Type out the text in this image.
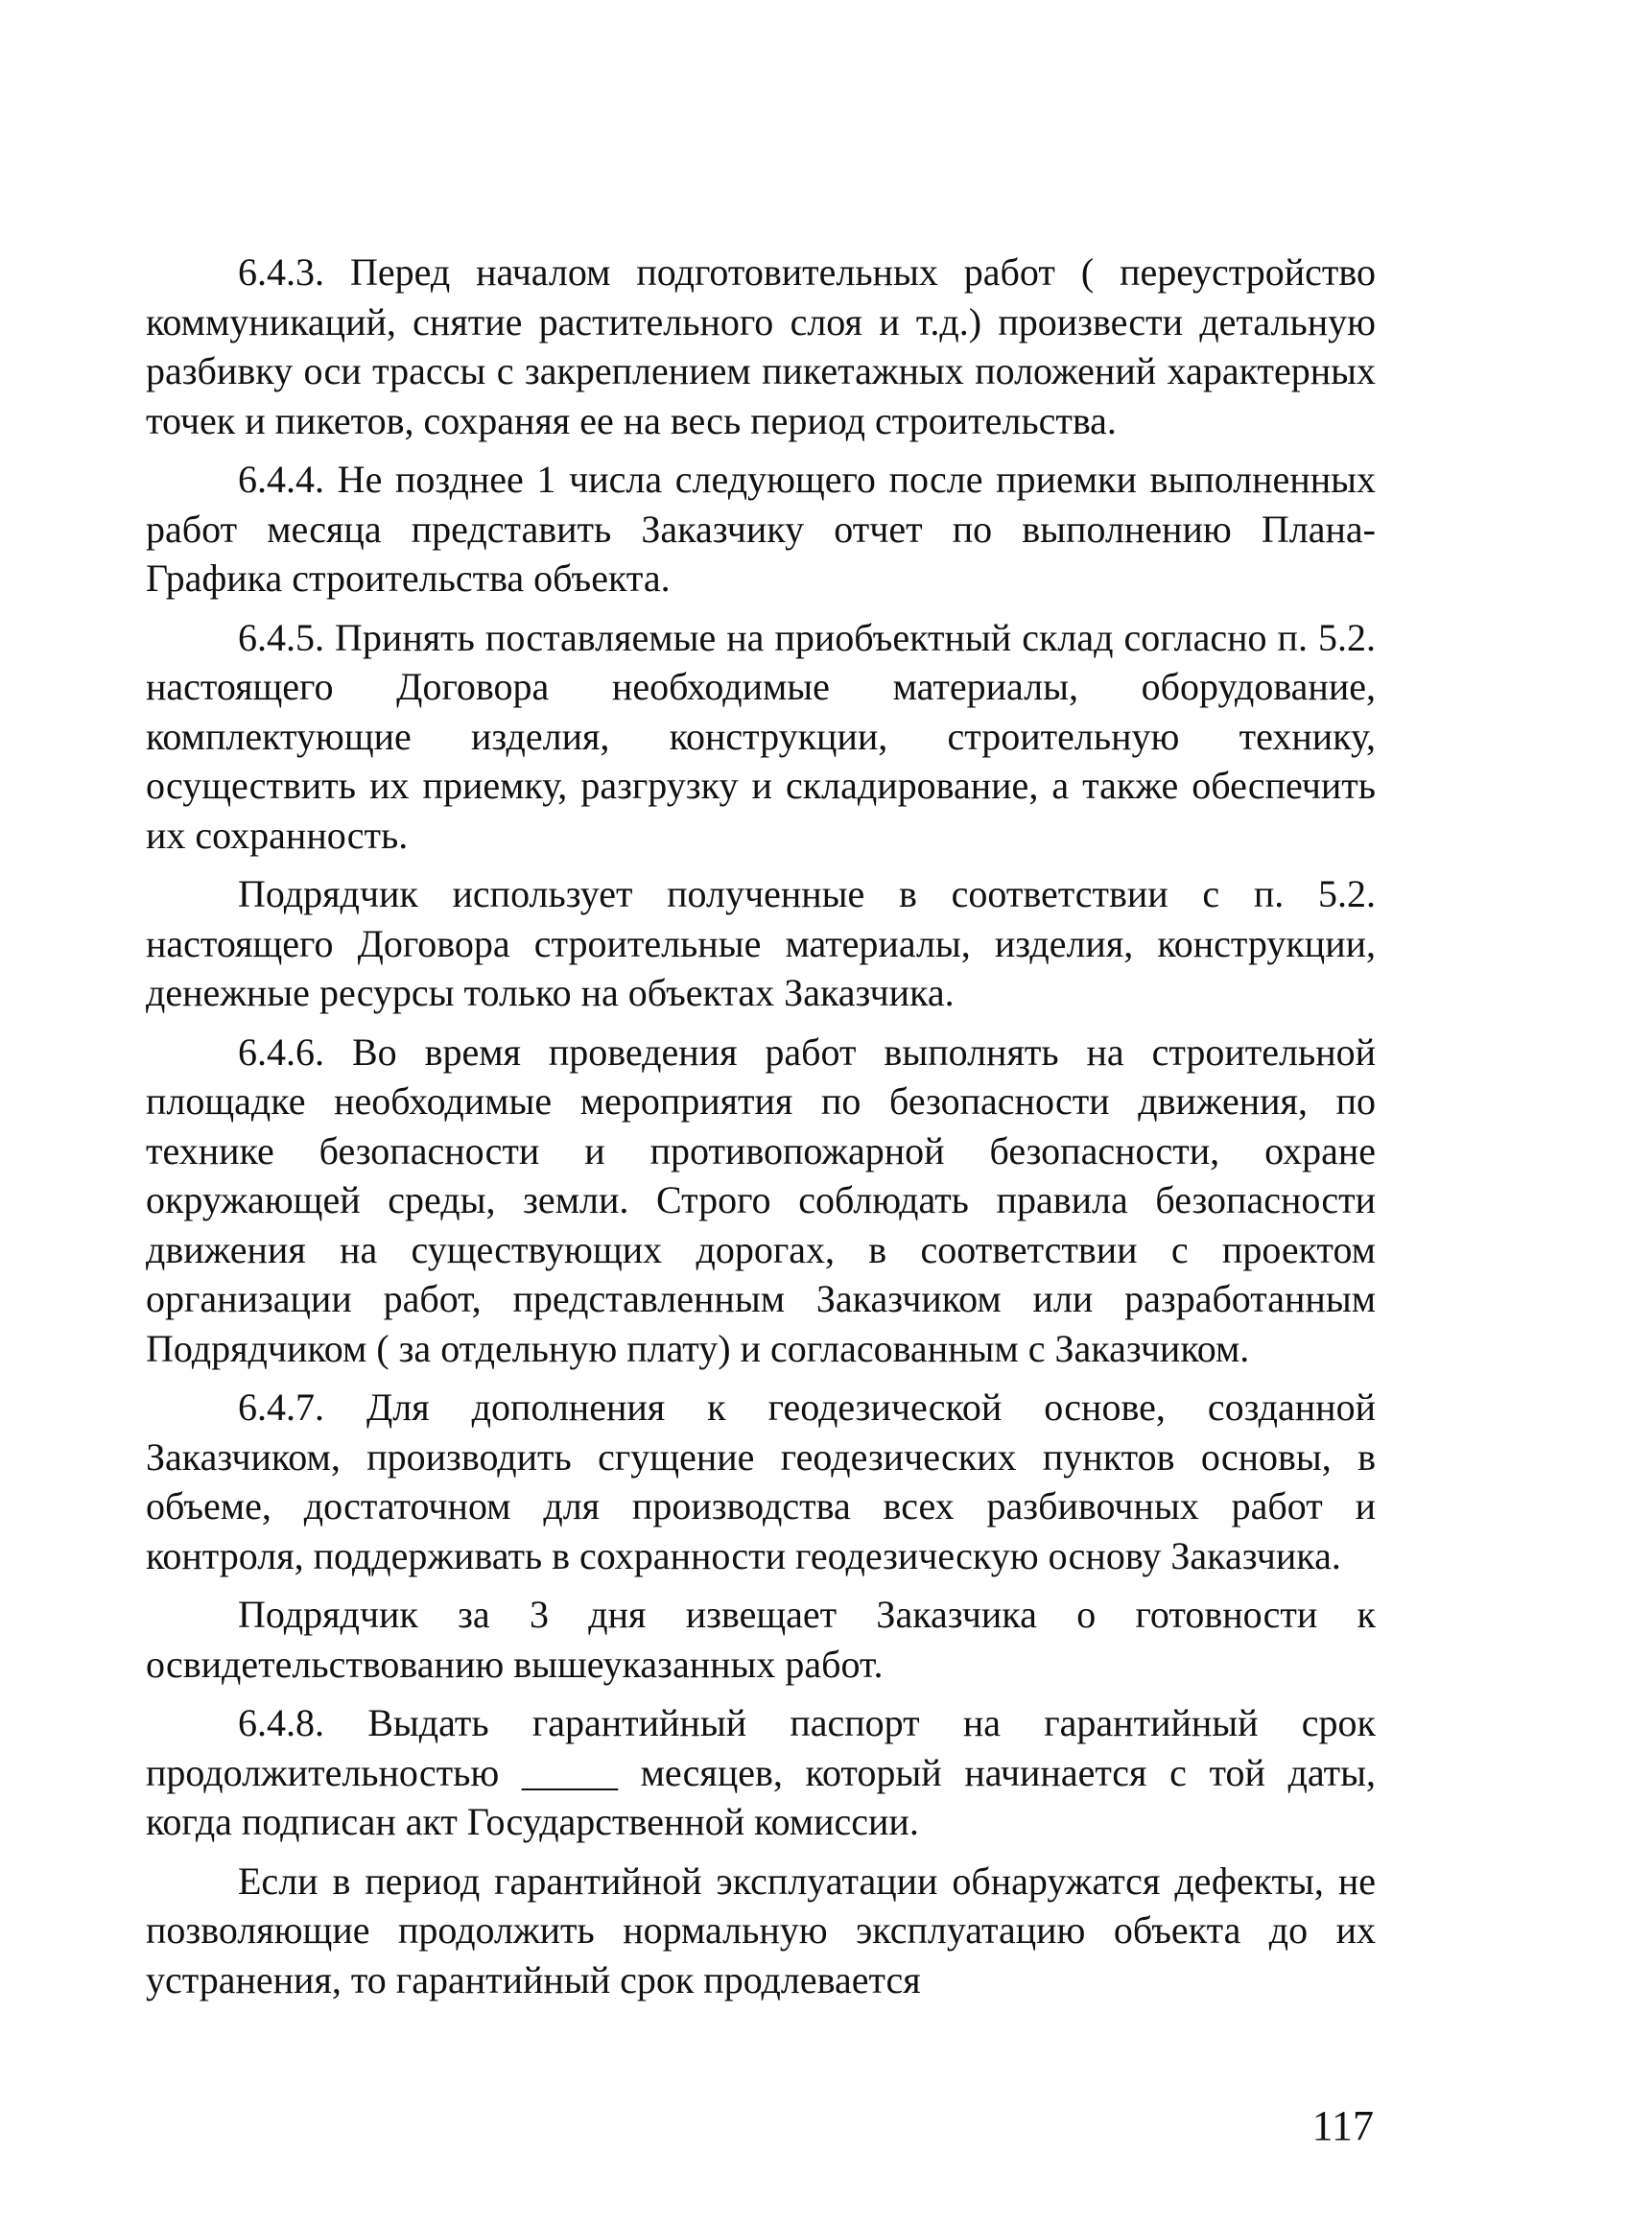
6.4.3. Перед началом подготовительных работ ( переустройство коммуникаций, снятие растительного слоя и т.д.) произвести детальную разбивку оси трассы с закреплением пикетажных положений характерных точек и пикетов, сохраняя ее на весь период строительства.

6.4.4. Не позднее 1 числа следующего после приемки выполненных работ месяца представить Заказчику отчет по выполнению Плана- Графика строительства объекта.

6.4.5. Принять поставляемые на приобъектный склад согласно п. 5.2. настоящего Договора необходимые материалы, оборудование, комплектующие изделия, конструкции, строительную технику, осуществить их приемку, разгрузку и складирование, а также обеспечить их сохранность.

Подрядчик использует полученные в соответствии с п. 5.2. настоящего Договора строительные материалы, изделия, конструкции, денежные ресурсы только на объектах Заказчика.

6.4.6. Во время проведения работ выполнять на строительной площадке необходимые мероприятия по безопасности движения, по технике безопасности и противопожарной безопасности, охране окружающей среды, земли. Строго соблюдать правила безопасности движения на существующих дорогах, в соответствии с проектом организации работ, представленным Заказчиком или разработанным Подрядчиком ( за отдельную плату) и согласованным с Заказчиком.

6.4.7. Для дополнения к геодезической основе, созданной Заказчиком, производить сгущение геодезических пунктов основы, в объеме, достаточном для производства всех разбивочных работ и контроля, поддерживать в сохранности геодезическую основу Заказчика.

Подрядчик за 3 дня извещает Заказчика о готовности к освидетельствованию вышеуказанных работ.

6.4.8. Выдать гарантийный паспорт на гарантийный срок продолжительностью _____ месяцев, который начинается с той даты, когда подписан акт Государственной комиссии.

Если в период гарантийной эксплуатации обнаружатся дефекты, не позволяющие продолжить нормальную эксплуатацию объекта до их устранения, то гарантийный срок продлевается

117
